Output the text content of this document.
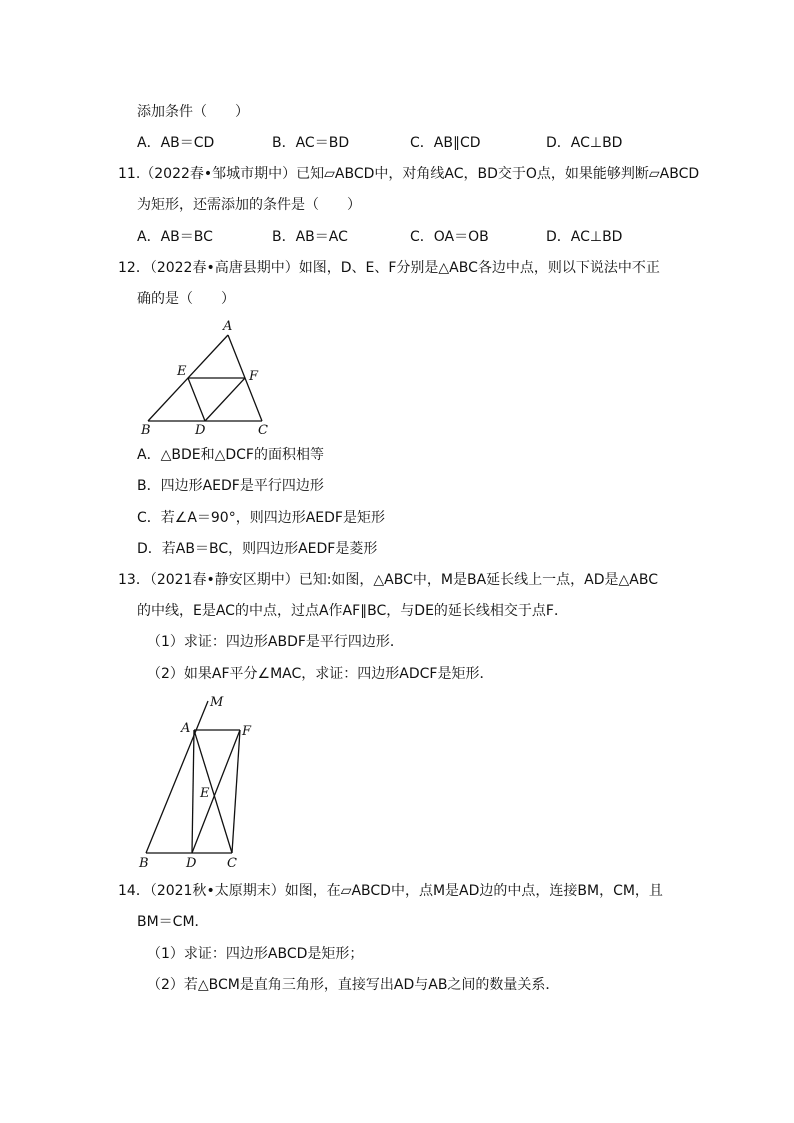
添加条件（　　）
A．AB＝CD	B．AC＝BD	C．AB∥CD	D．AC⊥BD
11.（2022春•邹城市期中）已知▱ABCD中，对角线AC，BD交于O点，如果能够判断▱ABCD
为矩形，还需添加的条件是（　　）
A．AB＝BC	B．AB＝AC	C．OA＝OB	D．AC⊥BD
12．（2022春•高唐县期中）如图，D、E、F分别是△ABC各边中点，则以下说法中不正
确的是（　　）
A
E	F
B	D	C
A．△BDE和△DCF的面积相等
B．四边形AEDF是平行四边形
C．若∠A＝90°，则四边形AEDF是矩形
D．若AB＝BC，则四边形AEDF是菱形
13．（2021春•静安区期中）已知:如图，△ABC中，M是BA延长线上一点，AD是△ABC
的中线，E是AC的中点，过点A作AF∥BC，与DE的延长线相交于点F．
（1）求证：四边形ABDF是平行四边形．
（2）如果AF平分∠MAC，求证：四边形ADCF是矩形．
M
A	F
E
B	D C
14．（2021秋•太原期末）如图，在▱ABCD中，点M是AD边的中点，连接BM，CM，且
BM＝CM．
（1）求证：四边形ABCD是矩形；
（2）若△BCM是直角三角形，直接写出AD与AB之间的数量关系．
